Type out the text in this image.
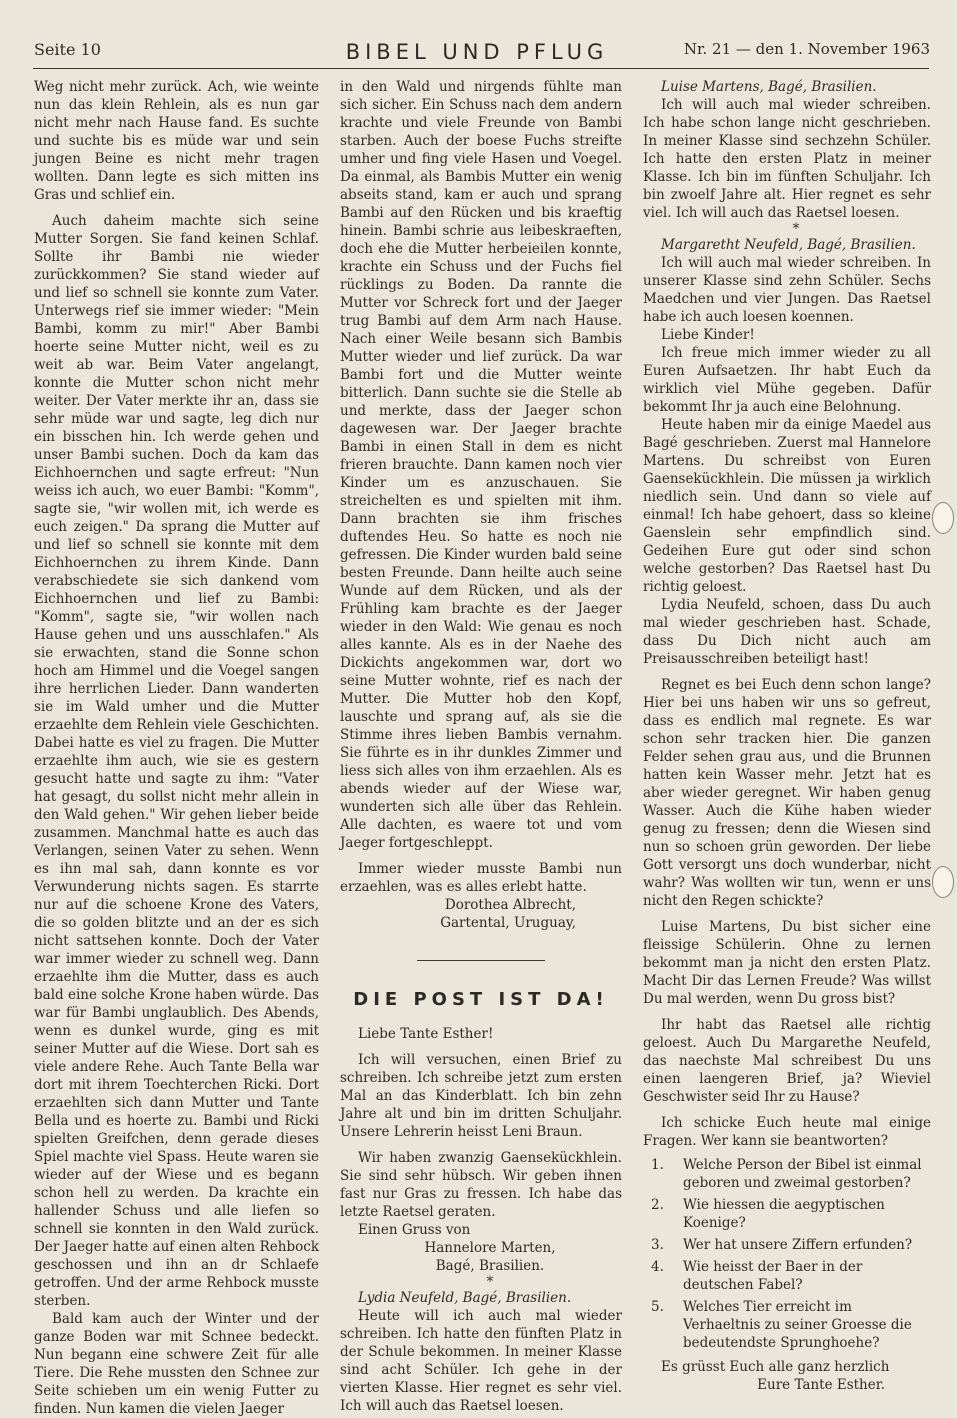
Seite 10	BIBEL UND PFLUG	Nr. 21 — den 1. November 1963

Weg nicht mehr zurück. Ach, wie weinte nun das klein Rehlein, als es nun gar nicht mehr nach Hause fand. Es suchte und suchte bis es müde war und sein jungen Beine es nicht mehr tragen wollten. Dann legte es sich mitten ins Gras und schlief ein.

Auch daheim machte sich seine Mutter Sorgen. Sie fand keinen Schlaf. Sollte ihr Bambi nie wieder zurückkommen? Sie stand wieder auf und lief so schnell sie konnte zum Vater. Unterwegs rief sie immer wieder: "Mein Bambi, komm zu mir!" Aber Bambi hoerte seine Mutter nicht, weil es zu weit ab war. Beim Vater angelangt, konnte die Mutter schon nicht mehr weiter. Der Vater merkte ihr an, dass sie sehr müde war und sagte, leg dich nur ein bisschen hin. Ich werde gehen und unser Bambi suchen. Doch da kam das Eichhoernchen und sagte erfreut: "Nun weiss ich auch, wo euer Bambi: "Komm", sagte sie, "wir wollen mit, ich werde es euch zeigen." Da sprang die Mutter auf und lief so schnell sie konnte mit dem Eichhoernchen zu ihrem Kinde. Dann verabschiedete sie sich dankend vom Eichhoernchen und lief zu Bambi: "Komm", sagte sie, "wir wollen nach Hause gehen und uns ausschlafen." Als sie erwachten, stand die Sonne schon hoch am Himmel und die Voegel sangen ihre herrlichen Lieder. Dann wanderten sie im Wald umher und die Mutter erzaehlte dem Rehlein viele Geschichten. Dabei hatte es viel zu fragen. Die Mutter erzaehlte ihm auch, wie sie es gestern gesucht hatte und sagte zu ihm: "Vater hat gesagt, du sollst nicht mehr allein in den Wald gehen." Wir gehen lieber beide zusammen. Manchmal hatte es auch das Verlangen, seinen Vater zu sehen. Wenn es ihn mal sah, dann konnte es vor Verwunderung nichts sagen. Es starrte nur auf die schoene Krone des Vaters, die so golden blitzte und an der es sich nicht sattsehen konnte. Doch der Vater war immer wieder zu schnell weg. Dann erzaehlte ihm die Mutter, dass es auch bald eine solche Krone haben würde. Das war für Bambi unglaublich. Des Abends, wenn es dunkel wurde, ging es mit seiner Mutter auf die Wiese. Dort sah es viele andere Rehe. Auch Tante Bella war dort mit ihrem Toechterchen Ricki. Dort erzaehlten sich dann Mutter und Tante Bella und es hoerte zu. Bambi und Ricki spielten Greifchen, denn gerade dieses Spiel machte viel Spass. Heute waren sie wieder auf der Wiese und es begann schon hell zu werden. Da krachte ein hallender Schuss und alle liefen so schnell sie konnten in den Wald zurück. Der Jaeger hatte auf einen alten Rehbock geschossen und ihn an dr Schlaefe getroffen. Und der arme Rehbock musste sterben.

Bald kam auch der Winter und der ganze Boden war mit Schnee bedeckt. Nun begann eine schwere Zeit für alle Tiere. Die Rehe mussten den Schnee zur Seite schieben um ein wenig Futter zu finden. Nun kamen die vielen Jaeger

in den Wald und nirgends fühlte man sich sicher. Ein Schuss nach dem andern krachte und viele Freunde von Bambi starben. Auch der boese Fuchs streifte umher und fing viele Hasen und Voegel. Da einmal, als Bambis Mutter ein wenig abseits stand, kam er auch und sprang Bambi auf den Rücken und bis kraeftig hinein. Bambi schrie aus leibeskraeften, doch ehe die Mutter herbeieilen konnte, krachte ein Schuss und der Fuchs fiel rücklings zu Boden. Da rannte die Mutter vor Schreck fort und der Jaeger trug Bambi auf dem Arm nach Hause. Nach einer Weile besann sich Bambis Mutter wieder und lief zurück. Da war Bambi fort und die Mutter weinte bitterlich. Dann suchte sie die Stelle ab und merkte, dass der Jaeger schon dagewesen war. Der Jaeger brachte Bambi in einen Stall in dem es nicht frieren brauchte. Dann kamen noch vier Kinder um es anzuschauen. Sie streichelten es und spielten mit ihm. Dann brachten sie ihm frisches duftendes Heu. So hatte es noch nie gefressen. Die Kinder wurden bald seine besten Freunde. Dann heilte auch seine Wunde auf dem Rücken, und als der Frühling kam brachte es der Jaeger wieder in den Wald: Wie genau es noch alles kannte. Als es in der Naehe des Dickichts angekommen war, dort wo seine Mutter wohnte, rief es nach der Mutter. Die Mutter hob den Kopf, lauschte und sprang auf, als sie die Stimme ihres lieben Bambis vernahm. Sie führte es in ihr dunkles Zimmer und liess sich alles von ihm erzaehlen. Als es abends wieder auf der Wiese war, wunderten sich alle über das Rehlein. Alle dachten, es waere tot und vom Jaeger fortgeschleppt.

Immer wieder musste Bambi nun erzaehlen, was es alles erlebt hatte.

Dorothea Albrecht,

Gartental, Uruguay,

DIE POST IST DA!

Liebe Tante Esther!

Ich will versuchen, einen Brief zu schreiben. Ich schreibe jetzt zum ersten Mal an das Kinderblatt. Ich bin zehn Jahre alt und bin im dritten Schuljahr. Unsere Lehrerin heisst Leni Braun.

Wir haben zwanzig Gaensekückhlein. Sie sind sehr hübsch. Wir geben ihnen fast nur Gras zu fressen. Ich habe das letzte Raetsel geraten.

Einen Gruss von

Hannelore Marten,

Bagé, Brasilien.

*

Lydia Neufeld, Bagé, Brasilien.

Heute will ich auch mal wieder schreiben. Ich hatte den fünften Platz in der Schule bekommen. In meiner Klasse sind acht Schüler. Ich gehe in der vierten Klasse. Hier regnet es sehr viel. Ich will auch das Raetsel loesen.

Luise Martens, Bagé, Brasilien.

Ich will auch mal wieder schreiben. Ich habe schon lange nicht geschrieben. In meiner Klasse sind sechzehn Schüler. Ich hatte den ersten Platz in meiner Klasse. Ich bin im fünften Schuljahr. Ich bin zwoelf Jahre alt. Hier regnet es sehr viel. Ich will auch das Raetsel loesen.

*

Margaretht Neufeld, Bagé, Brasilien.

Ich will auch mal wieder schreiben. In unserer Klasse sind zehn Schüler. Sechs Maedchen und vier Jungen. Das Raetsel habe ich auch loesen koennen.

Liebe Kinder!

Ich freue mich immer wieder zu all Euren Aufsaetzen. Ihr habt Euch da wirklich viel Mühe gegeben. Dafür bekommt Ihr ja auch eine Belohnung.

Heute haben mir da einige Maedel aus Bagé geschrieben. Zuerst mal Hannelore Martens. Du schreibst von Euren Gaensekückhlein. Die müssen ja wirklich niedlich sein. Und dann so viele auf einmal! Ich habe gehoert, dass so kleine Gaenslein sehr empfindlich sind. Gedeihen Eure gut oder sind schon welche gestorben? Das Raetsel hast Du richtig geloest.

Lydia Neufeld, schoen, dass Du auch mal wieder geschrieben hast. Schade, dass Du Dich nicht auch am Preisausschreiben beteiligt hast!

Regnet es bei Euch denn schon lange? Hier bei uns haben wir uns so gefreut, dass es endlich mal regnete. Es war schon sehr tracken hier. Die ganzen Felder sehen grau aus, und die Brunnen hatten kein Wasser mehr. Jetzt hat es aber wieder geregnet. Wir haben genug Wasser. Auch die Kühe haben wieder genug zu fressen; denn die Wiesen sind nun so schoen grün geworden. Der liebe Gott versorgt uns doch wunderbar, nicht wahr? Was wollten wir tun, wenn er uns nicht den Regen schickte?

Luise Martens, Du bist sicher eine fleissige Schülerin. Ohne zu lernen bekommt man ja nicht den ersten Platz. Macht Dir das Lernen Freude? Was willst Du mal werden, wenn Du gross bist?

Ihr habt das Raetsel alle richtig geloest. Auch Du Margarethe Neufeld, das naechste Mal schreibest Du uns einen laengeren Brief, ja? Wieviel Geschwister seid Ihr zu Hause?

Ich schicke Euch heute mal einige Fragen. Wer kann sie beantworten?

1. Welche Person der Bibel ist einmal geboren und zweimal gestorben?
2. Wie hiessen die aegyptischen Koenige?
3. Wer hat unsere Ziffern erfunden?
4. Wie heisst der Baer in der deutschen Fabel?
5. Welches Tier erreicht im Verhaeltnis zu seiner Groesse die bedeutendste Sprunghoehe?

Es grüsst Euch alle ganz herzlich

Eure Tante Esther.
